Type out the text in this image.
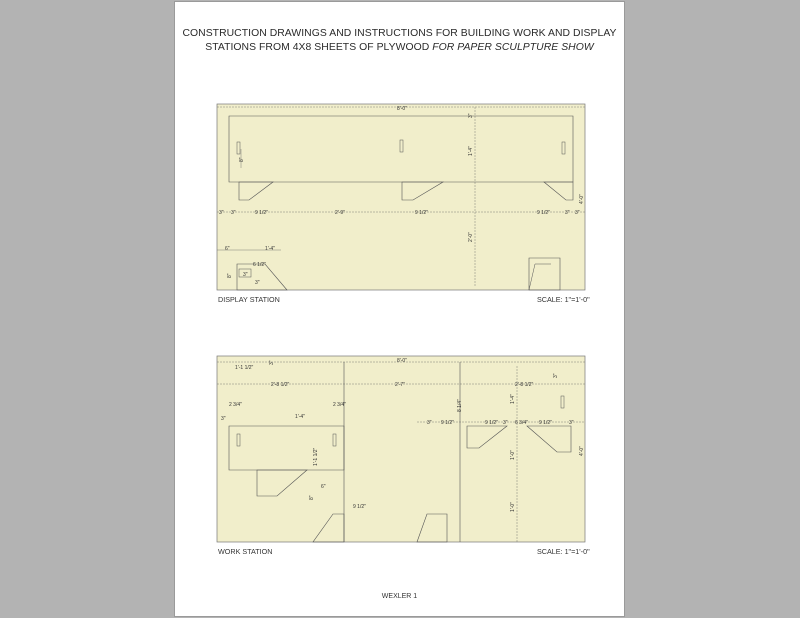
CONSTRUCTION DRAWINGS AND INSTRUCTIONS FOR BUILDING WORK AND DISPLAY
STATIONS FROM 4X8 SHEETS OF PLYWOOD FOR PAPER SCULPTURE SHOW
8'-0"
8"
3"
1'-4"
2'-0"
4'-0"
3" 3"	9 1/2"	2'-9"	9 1/2"	9 1/2"	3" 3"
6"	1'-4"
6 1/2"
3"
8"
3"
DISPLAY STATION	SCALE: 1"=1'-0"
8'-0"
1'-1 1/2"
3"
2'-8 1/2"	2'-7"	2'-8 1/2"
3"
2 3/4"	2 3/4"
3"	1'-4"
1'-1 1/2"
8"
6"
9 1/2"
3" 9 1/2"	9 1/2" 3" 6 3/4" 9 1/2"	3"
8 1/4"
1'-4"
1'-0"
1'-0"
4'-0"
WORK STATION	SCALE: 1"=1'-0"
WEXLER 1
